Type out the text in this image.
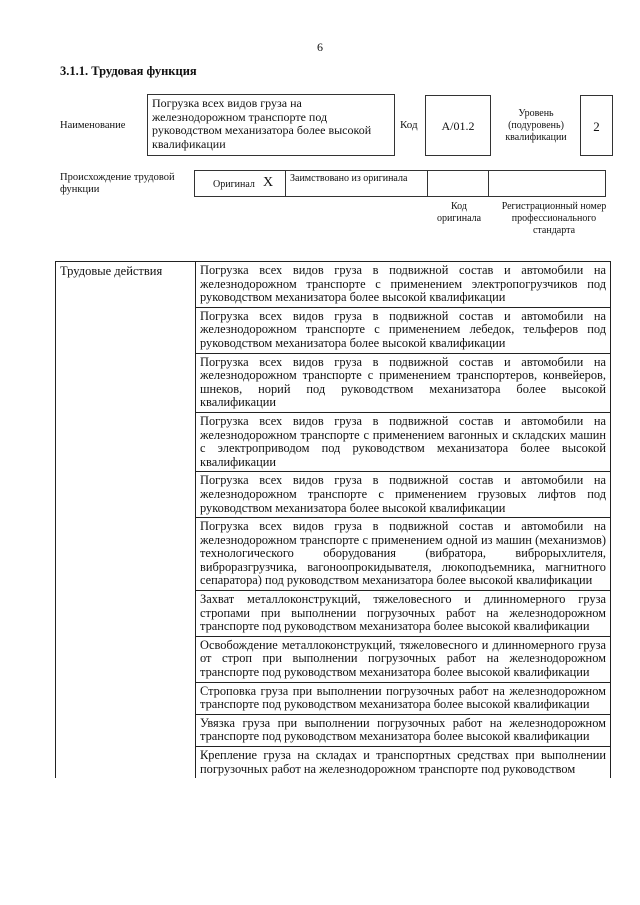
6
3.1.1. Трудовая функция
Наименование
Погрузка всех видов груза на железнодорожном транспорте под руководством механизатора более высокой квалификации
Код	А/01.2
Уровень (подуровень) квалификации
2
Происхождение трудовой функции	Оригинал X Заимствовано из оригинала
Код оригинала
Регистрационный номер профессионального стандарта
Трудовые действия	Погрузка всех видов груза в подвижной состав и автомобили на железнодорожном транспорте с применением электропогрузчиков под руководством механизатора более высокой квалификации
Погрузка всех видов груза в подвижной состав и автомобили на железнодорожном транспорте с применением лебедок, тельферов под руководством механизатора более высокой квалификации
Погрузка всех видов груза в подвижной состав и автомобили на железнодорожном транспорте с применением транспортеров, конвейеров, шнеков, норий под руководством механизатора более высокой квалификации
Погрузка всех видов груза в подвижной состав и автомобили на железнодорожном транспорте с применением вагонных и складских машин с электроприводом под руководством механизатора более высокой квалификации
Погрузка всех видов груза в подвижной состав и автомобили на железнодорожном транспорте с применением грузовых лифтов под руководством механизатора более высокой квалификации
Погрузка всех видов груза в подвижной состав и автомобили на железнодорожном транспорте с применением одной из машин (механизмов) технологического оборудования (вибратора, виброрыхлителя, виброразгрузчика, вагоноопрокидывателя, люкоподъемника, магнитного сепаратора) под руководством механизатора более высокой квалификации
Захват металлоконструкций, тяжеловесного и длинномерного груза стропами при выполнении погрузочных работ на железнодорожном транспорте под руководством механизатора более высокой квалификации
Освобождение металлоконструкций, тяжеловесного и длинномерного груза от строп при выполнении погрузочных работ на железнодорожном транспорте под руководством механизатора более высокой квалификации
Строповка груза при выполнении погрузочных работ на железнодорожном транспорте под руководством механизатора более высокой квалификации
Увязка груза при выполнении погрузочных работ на железнодорожном транспорте под руководством механизатора более высокой квалификации
Крепление груза на складах и транспортных средствах при выполнении погрузочных работ на железнодорожном транспорте под руководством
